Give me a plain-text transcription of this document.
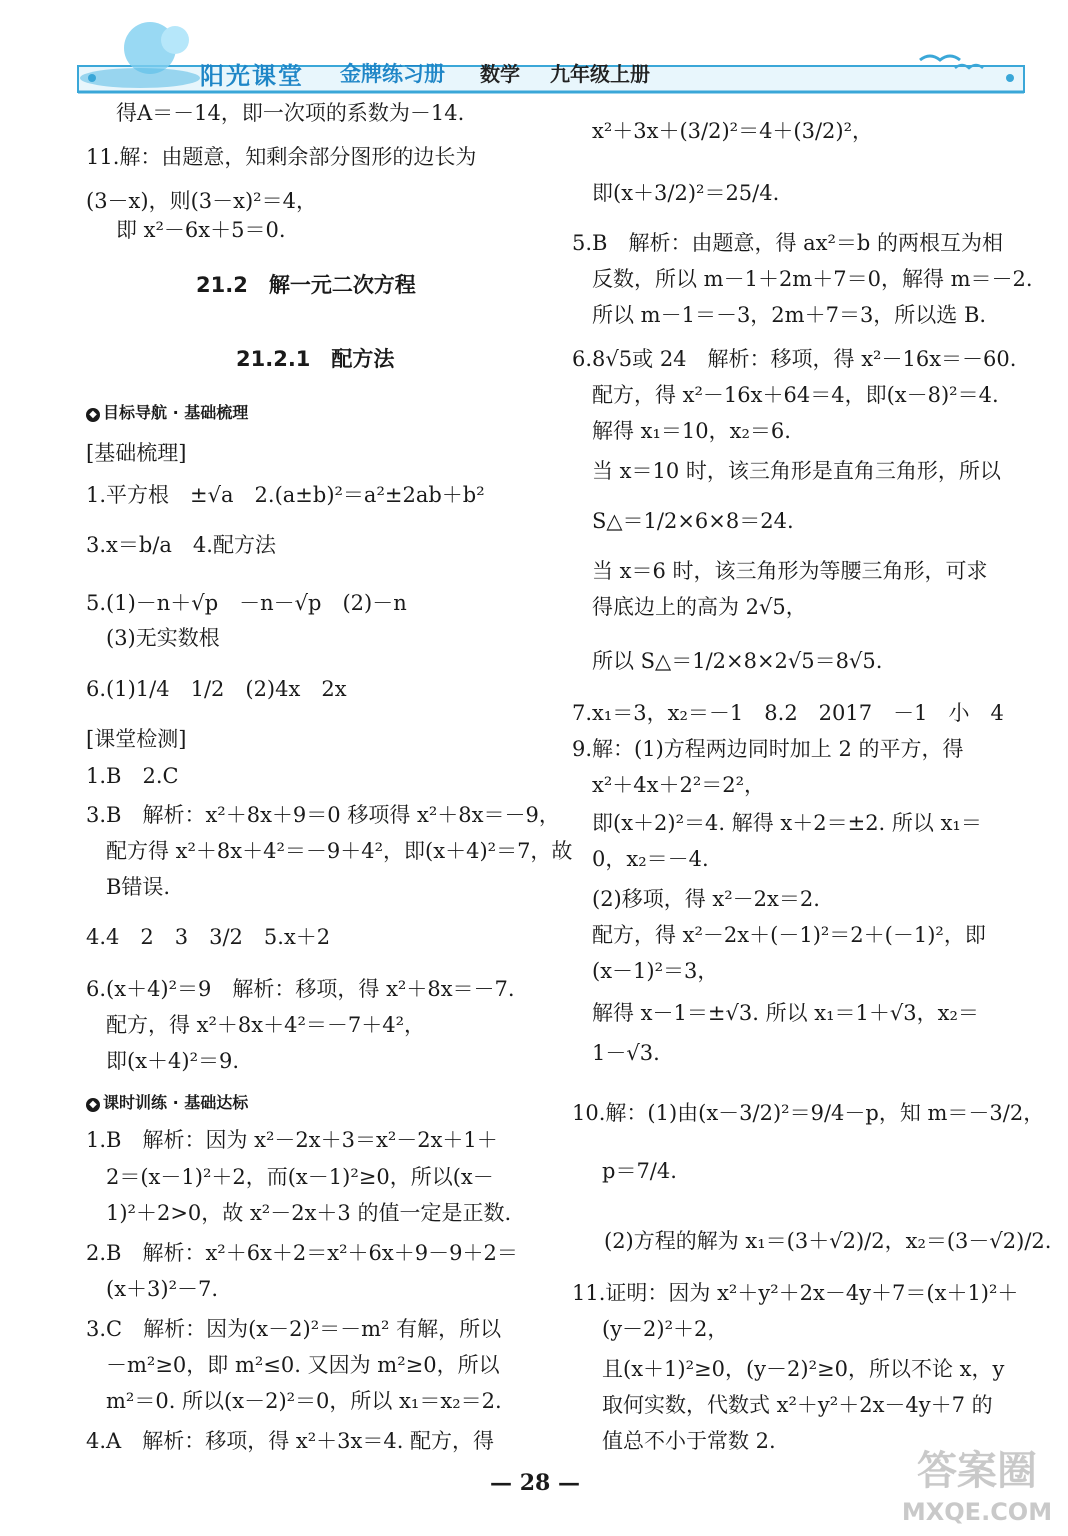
阳光课堂 金牌练习册 数学 九年级上册
得A＝－14，即一次项的系数为－14.
11.解：由题意，知剩余部分图形的边长为
(3－x)，则(3－x)²＝4，
即 x²－6x＋5＝0.
21.2　解一元二次方程
21.2.1　配方法
◆ 目标导航 · 基础梳理
[基础梳理]
1.平方根　±√a　2.(a±b)²＝a²±2ab＋b²
3.x＝b/a　4.配方法
5.(1)－n＋√p　－n－√p　(2)－n
(3)无实数根
6.(1)1/4　1/2　(2)4x　2x
[课堂检测]
1.B　2.C
3.B　解析：x²＋8x＋9＝0 移项得 x²＋8x＝－9，
配方得 x²＋8x＋4²＝－9＋4²，即(x＋4)²＝7，故
B错误.
4.4　2　3　3/2　5.x＋2
6.(x＋4)²＝9　解析：移项，得 x²＋8x＝－7.
配方，得 x²＋8x＋4²＝－7＋4²，
即(x＋4)²＝9.
◆ 课时训练 · 基础达标
1.B　解析：因为 x²－2x＋3＝x²－2x＋1＋
2＝(x－1)²＋2，而(x－1)²≥0，所以(x－
1)²＋2>0，故 x²－2x＋3 的值一定是正数.
2.B　解析：x²＋6x＋2＝x²＋6x＋9－9＋2＝
(x＋3)²－7.
3.C　解析：因为(x－2)²＝－m² 有解，所以
－m²≥0，即 m²≤0. 又因为 m²≥0，所以
m²＝0. 所以(x－2)²＝0，所以 x₁＝x₂＝2.
4.A　解析：移项，得 x²＋3x＝4. 配方，得
x²＋3x＋(3/2)²＝4＋(3/2)²，
即(x＋3/2)²＝25/4.
5.B　解析：由题意，得 ax²＝b 的两根互为相
反数，所以 m－1＋2m＋7＝0，解得 m＝－2.
所以 m－1＝－3，2m＋7＝3，所以选 B.
6.8√5或 24　解析：移项，得 x²－16x＝－60.
配方，得 x²－16x＋64＝4，即(x－8)²＝4.
解得 x₁＝10，x₂＝6.
当 x＝10 时，该三角形是直角三角形，所以
S△＝1/2×6×8＝24.
当 x＝6 时，该三角形为等腰三角形，可求
得底边上的高为 2√5，
所以 S△＝1/2×8×2√5＝8√5.
7.x₁＝3，x₂＝－1　8.2　2017　－1　小　4
9.解：(1)方程两边同时加上 2 的平方，得
x²＋4x＋2²＝2²，
即(x＋2)²＝4. 解得 x＋2＝±2. 所以 x₁＝
0，x₂＝－4.
(2)移项，得 x²－2x＝2.
配方，得 x²－2x＋(－1)²＝2＋(－1)²，即
(x－1)²＝3，
解得 x－1＝±√3. 所以 x₁＝1＋√3，x₂＝
1－√3.
10.解：(1)由(x－3/2)²＝9/4－p，知 m＝－3/2，
p＝7/4.
(2)方程的解为 x₁＝(3＋√2)/2，x₂＝(3－√2)/2.
11.证明：因为 x²＋y²＋2x－4y＋7＝(x＋1)²＋
(y－2)²＋2，
且(x＋1)²≥0，(y－2)²≥0，所以不论 x，y
取何实数，代数式 x²＋y²＋2x－4y＋7 的
值总不小于常数 2.
— 28 —	答案圈
MXQE.COM
